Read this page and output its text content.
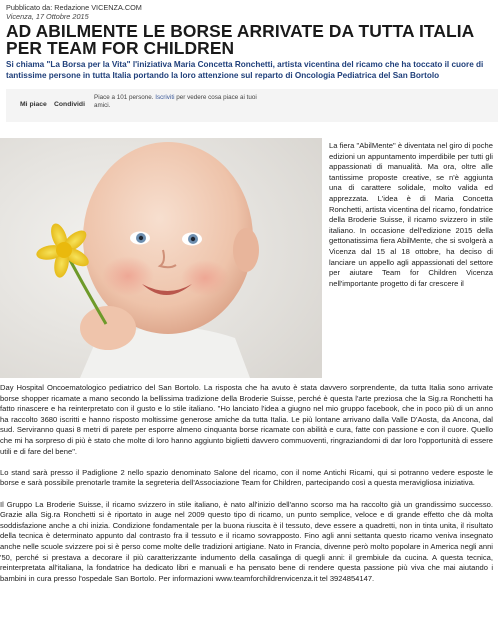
Pubblicato da: Redazione VICENZA.COM
Vicenza, 17 Ottobre 2015
AD ABILMENTE LE BORSE ARRIVATE DA TUTTA ITALIA PER TEAM FOR CHILDREN
Si chiama "La Borsa per la Vita" l'iniziativa Maria Concetta Ronchetti, artista vicentina del ricamo che ha toccato il cuore di tantissime persone in tutta Italia portando la loro attenzione sul reparto di Oncologia Pediatrica del San Bortolo
Mi piace Condividi
Piace a 101 persone. Iscriviti per vedere cosa piace ai tuoi amici.
La fiera "AbilMente" è diventata nel giro di poche edizioni un appuntamento imperdibile per tutti gli appassionati di manualità. Ma ora, oltre alle tantissime proposte creative, se n'è aggiunta una di carattere solidale, molto valida ed apprezzata. L'idea è di Maria Concetta Ronchetti, artista vicentina del ricamo, fondatrice della Broderie Suisse, il ricamo svizzero in stile italiano. In occasione dell'edizione 2015 della gettonatissima fiera AbilMente, che si svolgerà a Vicenza dal 15 al 18 ottobre, ha deciso di lanciare un appello agli appassionati del settore per aiutare Team for Children Vicenza nell'importante progetto di far crescere il

Day Hospital Oncoematologico pediatrico del San Bortolo. La risposta che ha avuto è stata davvero sorprendente, da tutta Italia sono arrivate borse shopper ricamate a mano secondo la bellissima tradizione della Broderie Suisse, perché è questa l'arte preziosa che la Sig.ra Ronchetti ha fatto rinascere e ha reinterpretato con il gusto e lo stile italiano. "Ho lanciato l'idea a giugno nel mio gruppo facebook, che in poco più di un anno ha raccolto 3680 iscritti e hanno risposto moltissime generose amiche da tutta Italia. Le più lontane arrivano dalla Valle D'Aosta, da Ancona, dal sud. Serviranno quasi 8 metri di parete per esporre almeno cinquanta borse ricamate con abilità e cura, fatte con passione e con il cuore. Quello che mi ha sorpreso di più è stato che molte di loro hanno aggiunto biglietti davvero commuoventi, ringraziandomi di dar loro l'opportunità di essere utili e di fare del bene".

Lo stand sarà presso il Padiglione 2 nello spazio denominato Salone del ricamo, con il nome Antichi Ricami, qui si potranno vedere esposte le borse e sarà possibile prenotarle tramite la segreteria dell'Associazione Team for Children, partecipando così a questa meravigliosa iniziativa.

Il Gruppo La Broderie Suisse, il ricamo svizzero in stile italiano, è nato all'inizio dell'anno scorso ma ha raccolto già un grandissimo successo. Grazie alla Sig.ra Ronchetti si è riportato in auge nel 2009 questo tipo di ricamo, un punto semplice, veloce e di grande effetto che dà molta soddisfazione anche a chi inizia. Condizione fondamentale per la buona riuscita è il tessuto, deve essere a quadretti, non in tinta unita, il risultato della tecnica è determinato appunto dal contrasto fra il tessuto e il ricamo sovrapposto. Fino agli anni settanta questo ricamo veniva insegnato anche nelle scuole svizzere poi si è perso come molte delle tradizioni artigiane. Nato in Francia, divenne però molto popolare in America negli anni '50, perché si prestava a decorare il più caratterizzante indumento della casalinga di quegli anni: il grembiule da cucina. A questa tecnica, reinterpretata all'italiana, la fondatrice ha dedicato libri e manuali e ha pensato bene di rendere questa passione più viva che mai aiutando i bambini in cura presso l'ospedale San Bortolo. Per informazioni www.teamforchildrenvicenza.it tel 3924854147.
